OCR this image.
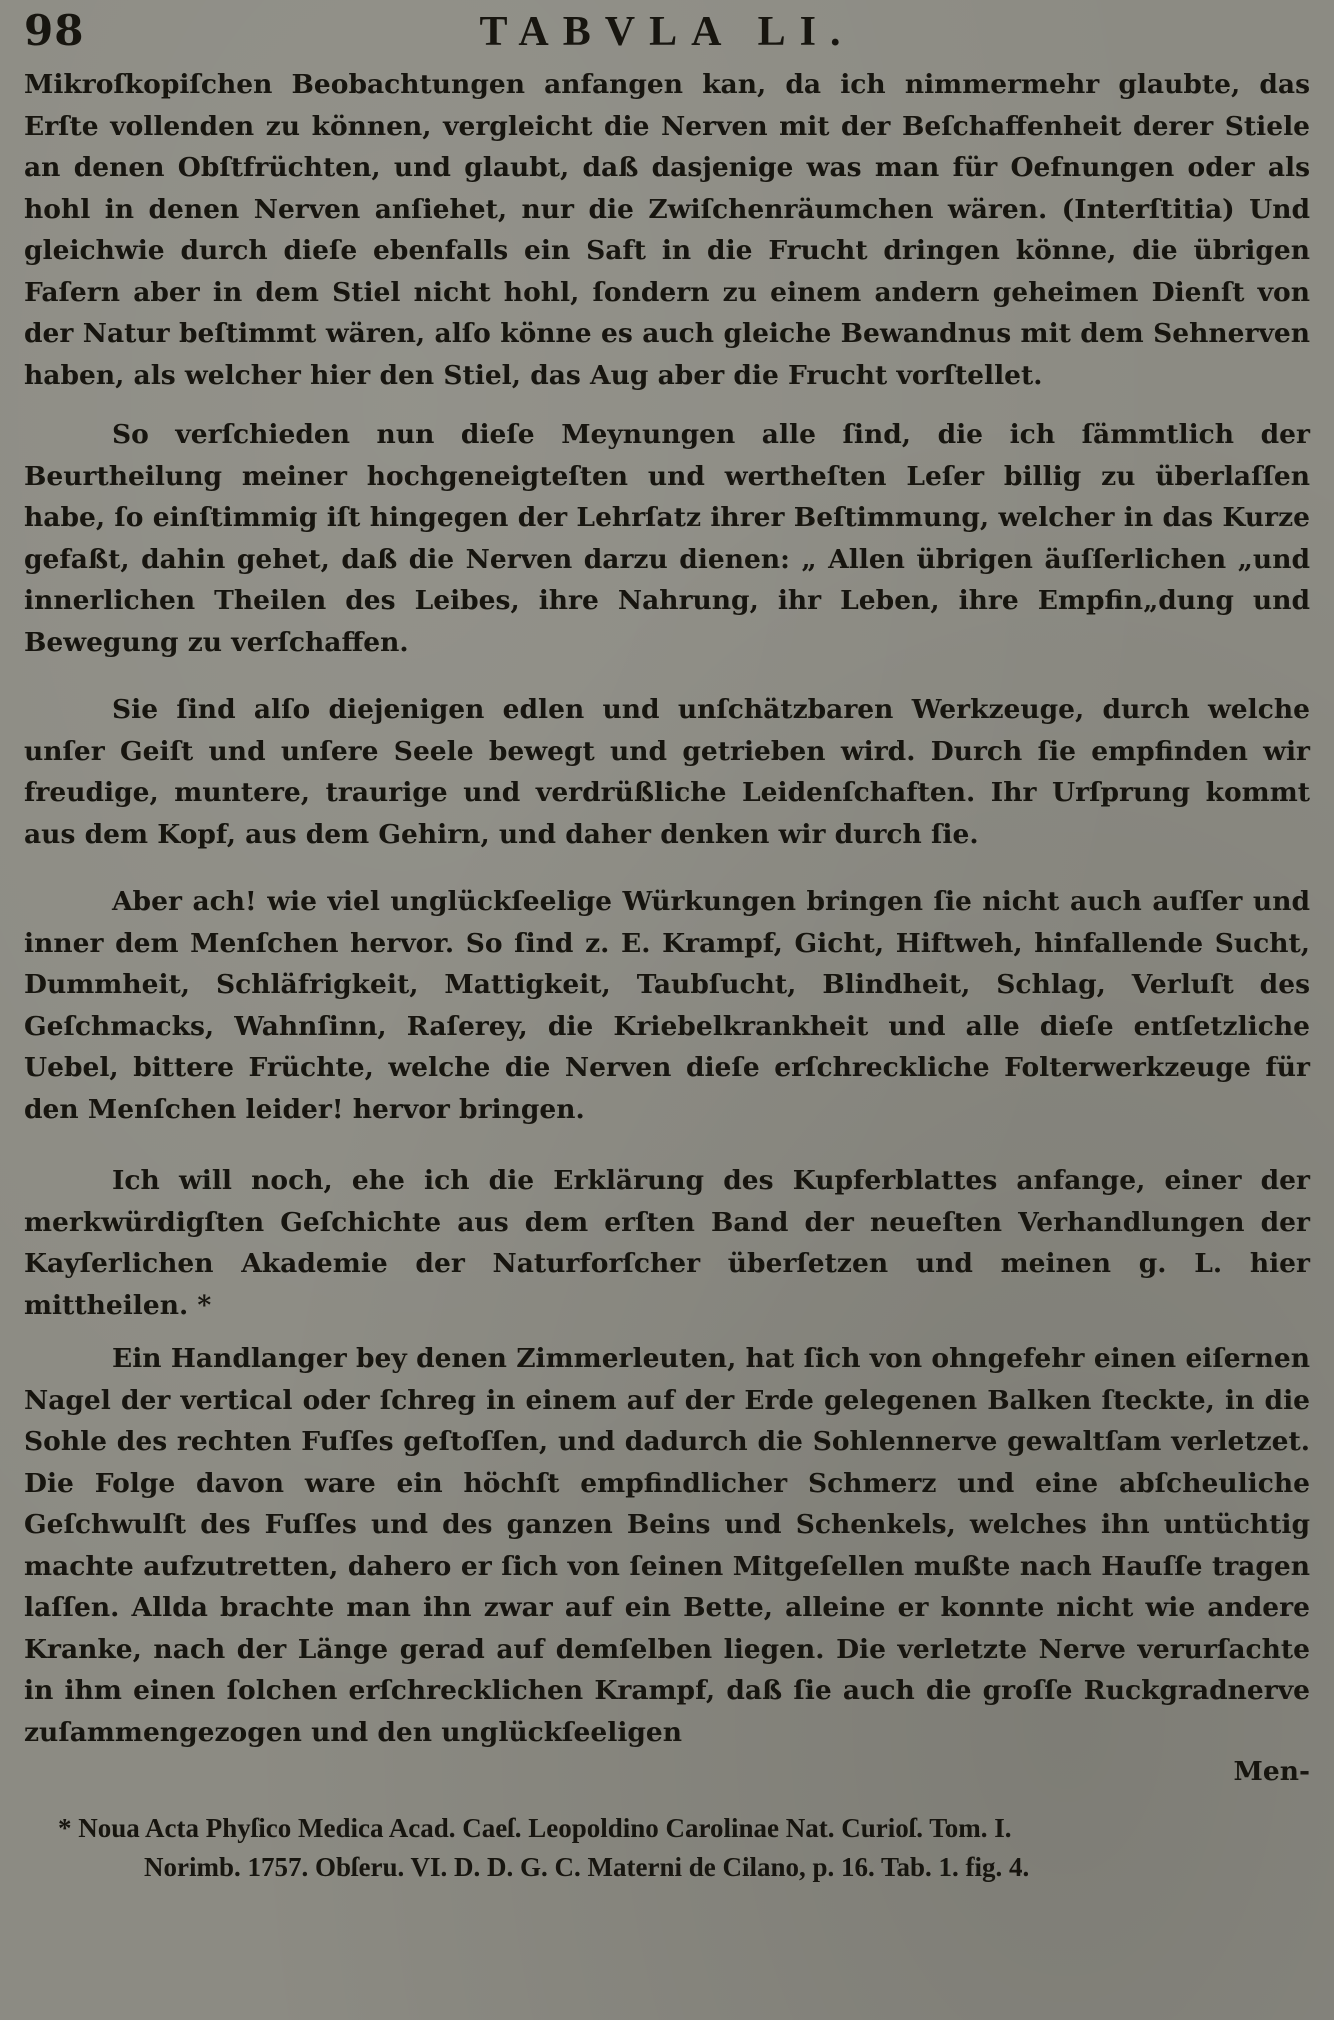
98	TABVLA LI.

Mikroſkopiſchen Beobachtungen anfangen kan, da ich nimmermehr glaubte, das Erſte vollenden zu können, vergleicht die Nerven mit der Beſchaffenheit derer Stiele an denen Obſtfrüchten, und glaubt, daß dasjenige was man für Oefnungen oder als hohl in denen Nerven anſiehet, nur die Zwiſchenräumchen wären. (Interſtitia) Und gleichwie durch dieſe ebenfalls ein Saft in die Frucht dringen könne, die übrigen Faſern aber in dem Stiel nicht hohl, ſondern zu einem andern geheimen Dienſt von der Natur beſtimmt wären, alſo könne es auch gleiche Bewandnus mit dem Sehnerven haben, als welcher hier den Stiel, das Aug aber die Frucht vorſtellet.

So verſchieden nun dieſe Meynungen alle ſind, die ich ſämmtlich der Beurtheilung meiner hochgeneigteſten und wertheſten Leſer billig zu überlaſſen habe, ſo einſtimmig iſt hingegen der Lehrſatz ihrer Beſtimmung, welcher in das Kurze gefaßt, dahin gehet, daß die Nerven darzu dienen: „ Allen übrigen äuſſerlichen „und innerlichen Theilen des Leibes, ihre Nahrung, ihr Leben, ihre Empfin„dung und Bewegung zu verſchaffen.

Sie ſind alſo diejenigen edlen und unſchätzbaren Werkzeuge, durch welche unſer Geiſt und unſere Seele bewegt und getrieben wird. Durch ſie empfinden wir freudige, muntere, traurige und verdrüßliche Leidenſchaften. Ihr Urſprung kommt aus dem Kopf, aus dem Gehirn, und daher denken wir durch ſie.

Aber ach! wie viel unglückſeelige Würkungen bringen ſie nicht auch auſſer und inner dem Menſchen hervor. So ſind z. E. Krampf, Gicht, Hiftweh, hinfallende Sucht, Dummheit, Schläfrigkeit, Mattigkeit, Taubſucht, Blindheit, Schlag, Verluſt des Geſchmacks, Wahnſinn, Raſerey, die Kriebelkrankheit und alle dieſe entſetzliche Uebel, bittere Früchte, welche die Nerven dieſe erſchreckliche Folterwerkzeuge für den Menſchen leider! hervor bringen.

Ich will noch, ehe ich die Erklärung des Kupferblattes anfange, einer der merkwürdigſten Geſchichte aus dem erſten Band der neueſten Verhandlungen der Kayſerlichen Akademie der Naturforſcher überſetzen und meinen g. L. hier mittheilen. *

Ein Handlanger bey denen Zimmerleuten, hat ſich von ohngefehr einen eiſernen Nagel der vertical oder ſchreg in einem auf der Erde gelegenen Balken ſteckte, in die Sohle des rechten Fuſſes geſtoſſen, und dadurch die Sohlennerve gewaltſam verletzet. Die Folge davon ware ein höchſt empfindlicher Schmerz und eine abſcheuliche Geſchwulſt des Fuſſes und des ganzen Beins und Schenkels, welches ihn untüchtig machte aufzutretten, dahero er ſich von ſeinen Mitgeſellen mußte nach Hauſſe tragen laſſen. Allda brachte man ihn zwar auf ein Bette, alleine er konnte nicht wie andere Kranke, nach der Länge gerad auf demſelben liegen. Die verletzte Nerve verurſachte in ihm einen ſolchen erſchrecklichen Krampf, daß ſie auch die groſſe Ruckgradnerve zuſammengezogen und den unglückſeeligen

Men-

* Noua Acta Phyſico Medica Acad. Caeſ. Leopoldino Carolinae Nat. Curioſ. Tom. I.
Norimb. 1757. Obſeru. VI. D. D. G. C. Materni de Cilano, p. 16. Tab. 1. fig. 4.
